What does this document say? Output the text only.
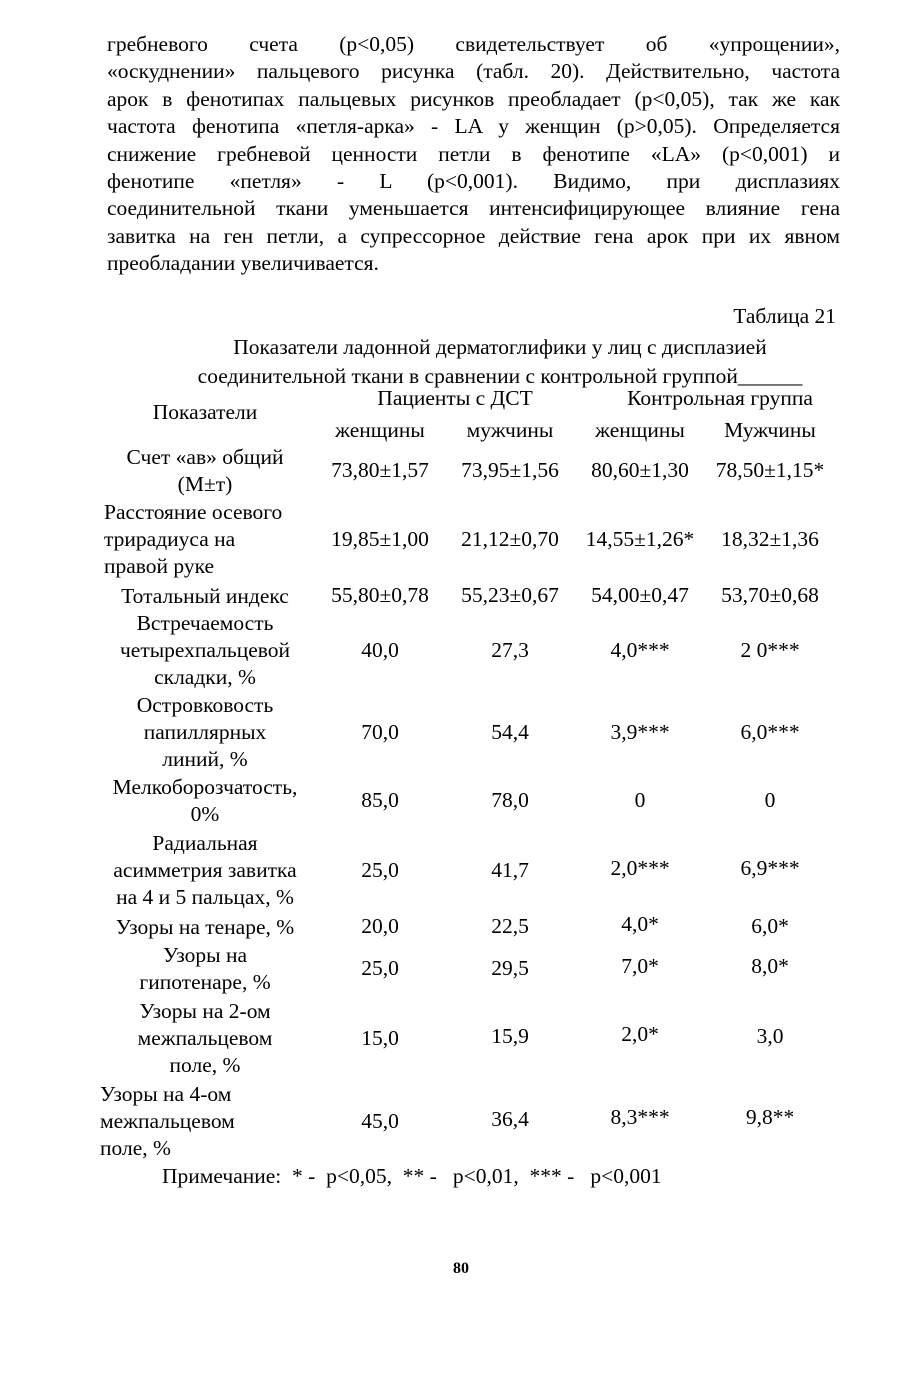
гребневого счета (p<0,05) свидетельствует об «упрощении»,
«оскуднении» пальцевого рисунка (табл. 20). Действительно, частота
арок в фенотипах пальцевых рисунков преобладает (p<0,05), так же как
частота фенотипа «петля-арка» - LA у женщин (p>0,05). Определяется
снижение гребневой ценности петли в фенотипе «LA» (p<0,001) и
фенотипе «петля» - L (p<0,001). Видимо, при дисплазиях
соединительной ткани уменьшается интенсифицирующее влияние гена
завитка на ген петли, а супрессорное действие гена арок при их явном
преобладании увеличивается.
Таблица 21
Показатели ладонной дерматоглифики у лиц с дисплазией
соединительной ткани в сравнении с контрольной группой______
Показатели
Пациенты с ДСТ	Контрольная группа
женщины	мужчины	женщины	Мужчины
Счет «ав» общий
(M±т)
73,80±1,57	73,95±1,56	80,60±1,30	78,50±1,15*
Расстояние осевого
трирадиуса на
правой руке
19,85±1,00	21,12±0,70	14,55±1,26*	18,32±1,36
Тотальный индекс	55,80±0,78	55,23±0,67	54,00±0,47	53,70±0,68
Встречаемость
четырехпальцевой
складки, %
40,0	27,3	4,0***	2 0***
Островковость
папиллярных
линий, %
70,0	54,4	3,9***	6,0***
Мелкоборозчатость,
0%
85,0	78,0	0	0
Радиальная
асимметрия завитка
на 4 и 5 пальцах, %
25,0	41,7	2,0***	6,9***
Узоры на тенаре, %	20,0	22,5	4,0*	6,0*
Узоры на
гипотенаре, %
25,0	29,5	7,0*	8,0*
Узоры на 2-ом
межпальцевом
поле, %
15,0	15,9	2,0*	3,0
Узоры на 4-ом
межпальцевом
поле, %
45,0	36,4	8,3***	9,8**
Примечание:  * -  p<0,05,  ** -   p<0,01,  *** -   p<0,001
80
